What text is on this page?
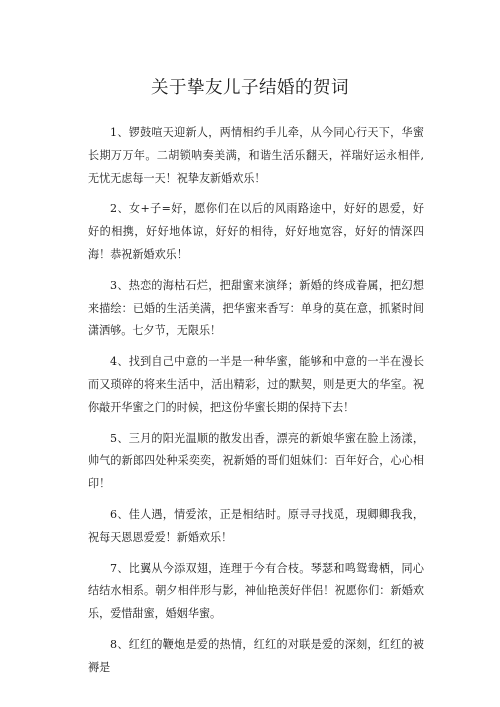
关于挚友儿子结婚的贺词

1、锣鼓喧天迎新人，两情相约手儿牵，从今同心行天下，华蜜长期万万年。二胡锁呐奏美满，和谐生活乐翻天，祥瑞好运永相伴,无忧无虑每一天！祝挚友新婚欢乐！

2、女+子=好，愿你们在以后的风雨路途中，好好的恩爱，好好的相携，好好地体谅，好好的相待，好好地宽容，好好的情深四海！恭祝新婚欢乐！

3、热恋的海枯石烂，把甜蜜来演绎；新婚的终成眷属，把幻想来描绘：已婚的生活美满，把华蜜来香写：单身的莫在意，抓紧时间潇洒够。七夕节，无限乐！

4、找到自己中意的一半是一种华蜜，能够和中意的一半在漫长而又琐碎的将来生活中，活出精彩，过的默契，则是更大的华室。祝你敲开华蜜之门的时候，把这份华蜜长期的保持下去！

5、三月的阳光温顺的散发出香，漂亮的新娘华蜜在脸上汤漾，帅气的新郎四处种采奕奕，祝新婚的哥们姐妹们：百年好合，心心相印！

6、佳人遇，情爱浓，正是相结时。原寻寻找觅，現卿卿我我，祝每天恩恩爱爱！新婚欢乐！

7、比翼从今添双翅，连理于今有合枝。琴瑟和鸣鸳鸯栖，同心结结水相系。朝夕相伴形与影，神仙艳羡好伴侣！祝愿你们：新婚欢乐，爱惜甜蜜，婚姻华蜜。

8、红红的鞭炮是爱的热情，红红的对联是爱的深刻，红红的被褥是
